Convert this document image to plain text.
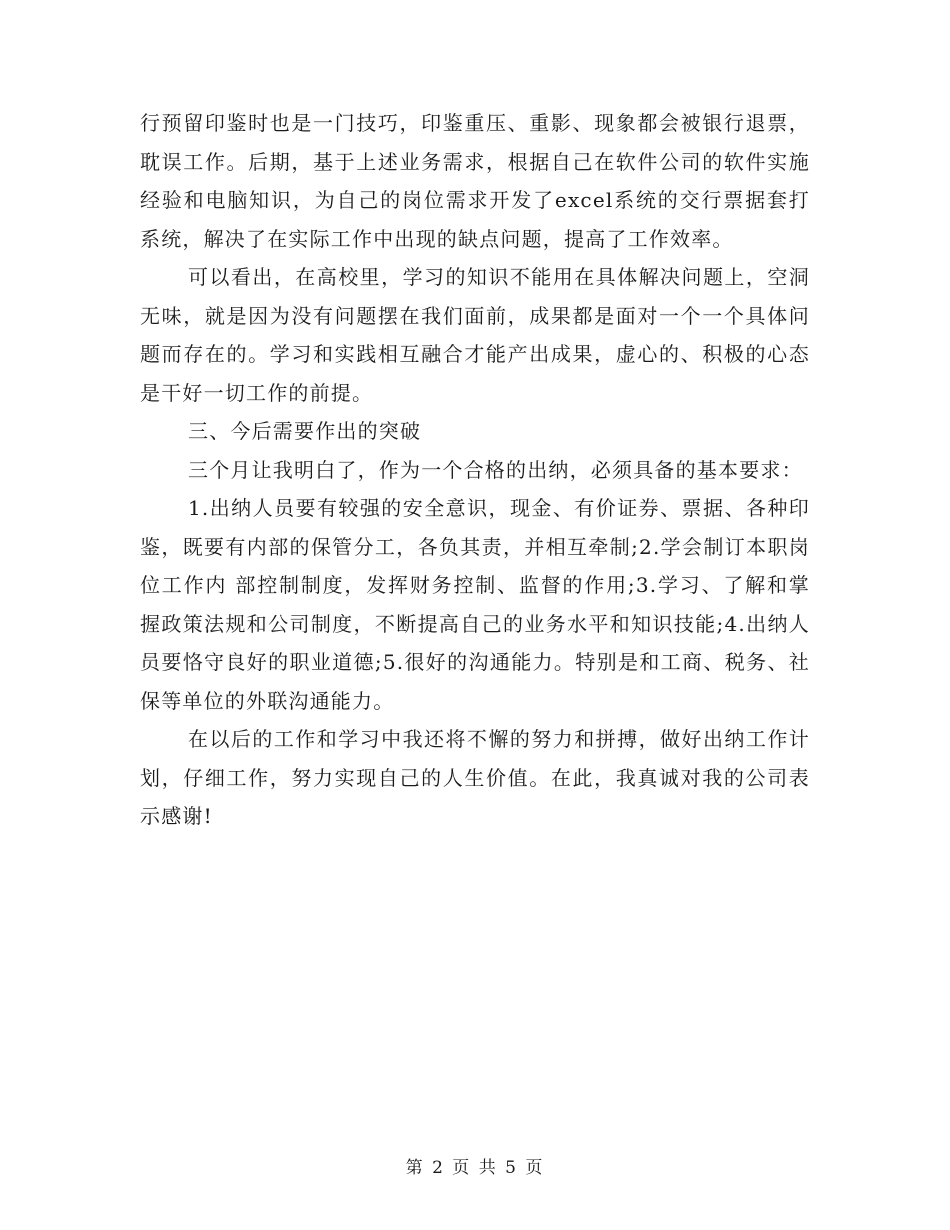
行预留印鉴时也是一门技巧，印鉴重压、重影、现象都会被银行退票，耽误工作。后期，基于上述业务需求，根据自己在软件公司的软件实施经验和电脑知识，为自己的岗位需求开发了excel系统的交行票据套打系统，解决了在实际工作中出现的缺点问题，提高了工作效率。

可以看出，在高校里，学习的知识不能用在具体解决问题上，空洞无味，就是因为没有问题摆在我们面前，成果都是面对一个一个具体问题而存在的。学习和实践相互融合才能产出成果，虚心的、积极的心态是干好一切工作的前提。

三、今后需要作出的突破

三个月让我明白了，作为一个合格的出纳，必须具备的基本要求：

1.出纳人员要有较强的安全意识，现金、有价证券、票据、各种印鉴，既要有内部的保管分工，各负其责，并相互牵制;2.学会制订本职岗位工作内 部控制制度，发挥财务控制、监督的作用;3.学习、了解和掌握政策法规和公司制度，不断提高自己的业务水平和知识技能;4.出纳人员要恪守良好的职业道德;5.很好的沟通能力。特别是和工商、税务、社保等单位的外联沟通能力。

在以后的工作和学习中我还将不懈的努力和拼搏，做好出纳工作计划，仔细工作，努力实现自己的人生价值。在此，我真诚对我的公司表示感谢!

第 2 页 共 5 页
